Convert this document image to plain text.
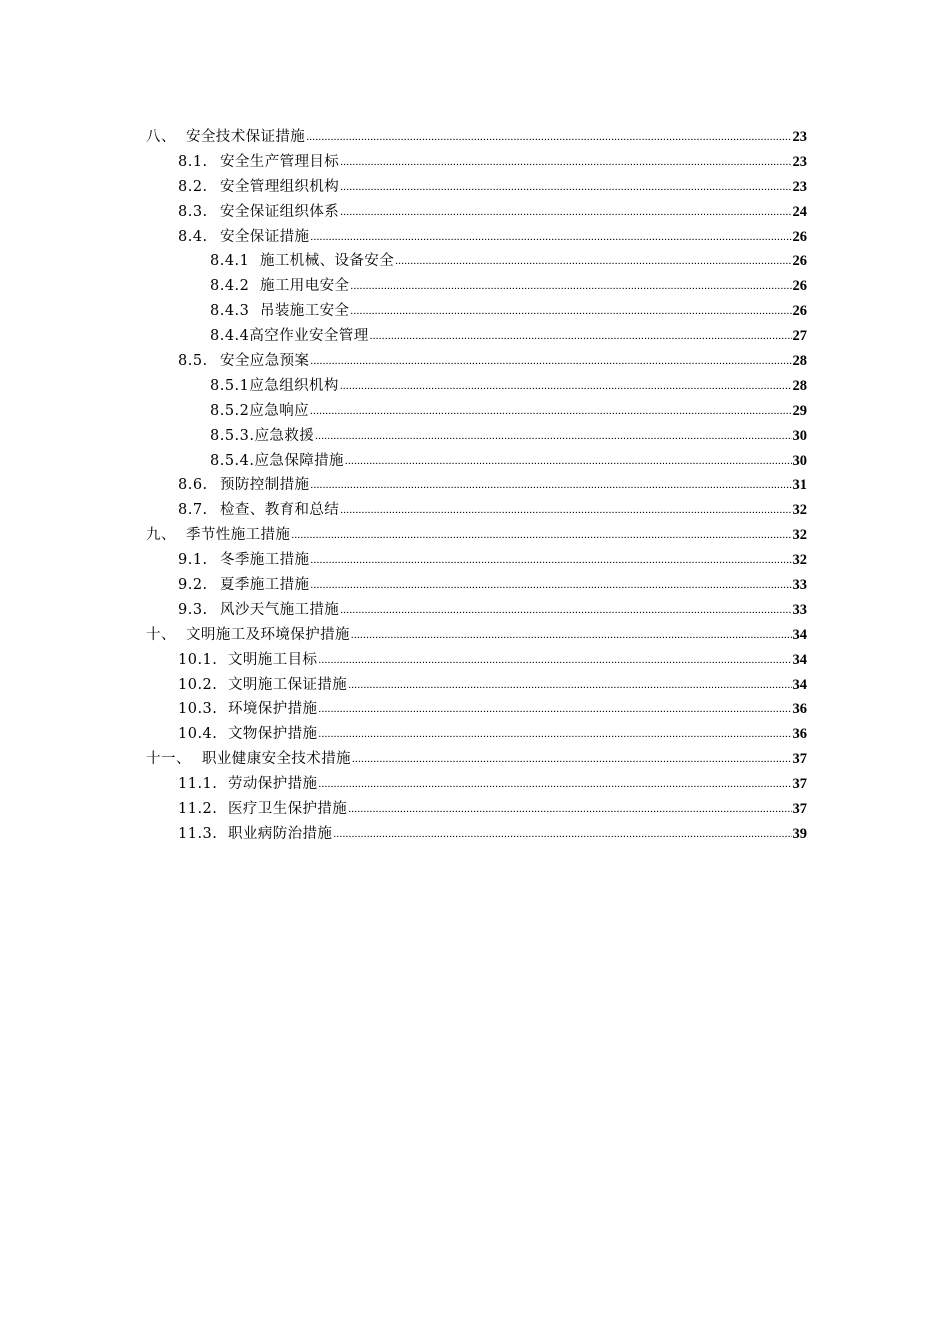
八、 安全技术保证措施 .....	23
8.1. 安全生产管理目标 .....	23
8.2. 安全管理组织机构 .....	23
8.3. 安全保证组织体系 .....	24
8.4. 安全保证措施 .....	26
8.4.1 施工机械、设备安全 .....	26
8.4.2 施工用电安全 .....	26
8.4.3 吊装施工安全 .....	26
8.4.4 高空作业安全管理 .....	27
8.5. 安全应急预案 .....	28
8.5.1 应急组织机构 .....	28
8.5.2 应急响应 .....	29
8.5.3. 应急救援 .....	30
8.5.4. 应急保障措施 .....	30
8.6. 预防控制措施 .....	31
8.7. 检查、教育和总结 .....	32
九、 季节性施工措施 .....	32
9.1. 冬季施工措施 .....	32
9.2. 夏季施工措施 .....	33
9.3. 风沙天气施工措施 .....	33
十、 文明施工及环境保护措施 .....	34
10.1. 文明施工目标 .....	34
10.2. 文明施工保证措施 .....	34
10.3. 环境保护措施 .....	36
10.4. 文物保护措施 .....	36
十一、 职业健康安全技术措施 .....	37
11.1. 劳动保护措施 .....	37
11.2. 医疗卫生保护措施 .....	37
11.3. 职业病防治措施 .....	39
